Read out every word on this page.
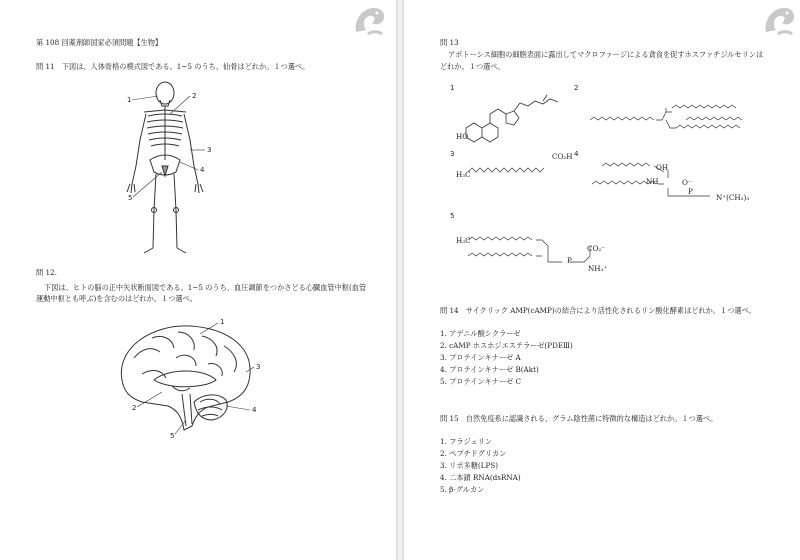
第 108 回薬剤師国家必須問題【生物】
問 11　下図は、人体骨格の模式図である。1~5 のうち、仙骨はどれか。１つ選べ。
1	2
3
4
5
問 12.
下図は、ヒトの脳の正中矢状断面図である。1~5 のうち、血圧調節をつかさどる心臓血管中枢(血管
運動中枢とも呼ぶ)を含むのはどれか。１つ選べ。
1
2
3
4
5
問 13
アポトーシス細胞の細胞表面に露出してマクロファージによる貪食を促すホスファチジルセリンは
どれか。１つ選べ。
1
HO
2
3
H₃C
CO₂H 4
OH
NH
P
O⁻
N⁺(CH₃)₃
5
H₃C
P
CO₂⁻
NH₃⁺
問 14　サイクリック AMP(cAMP)の結合により活性化されるリン酸化酵素はどれか。１つ選べ。
1. アデニル酸シクラーゼ
2. cAMP ホスホジエステラーゼ(PDEⅢ)
3. プロテインキナーゼ A
4. プロテインキナーゼ B(Akt)
5. プロテインキナーゼ C
問 15　自然免疫系に認識される、グラム陰性菌に特徴的な構造はどれか。１つ選べ。
1. フラジェリン
2. ペプチドグリカン
3. リポ多糖(LPS)
4. 二本鎖 RNA(dsRNA)
5. β-グルカン
